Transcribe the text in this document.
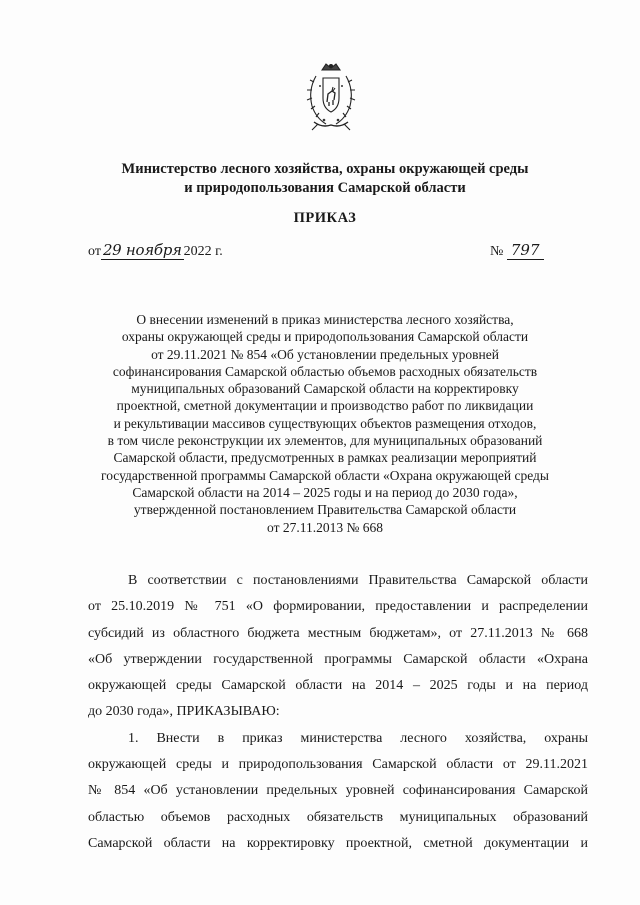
Министерство лесного хозяйства, охраны окружающей среды
и природопользования Самарской области
ПРИКАЗ
от 29 ноября 2022 г.	№ 797
О внесении изменений в приказ министерства лесного хозяйства,
охраны окружающей среды и природопользования Самарской области
от 29.11.2021 № 854 «Об установлении предельных уровней
софинансирования Самарской областью объемов расходных обязательств
муниципальных образований Самарской области на корректировку
проектной, сметной документации и производство работ по ликвидации
и рекультивации массивов существующих объектов размещения отходов,
в том числе реконструкции их элементов, для муниципальных образований
Самарской области, предусмотренных в рамках реализации мероприятий
государственной программы Самарской области «Охрана окружающей среды
Самарской области на 2014 – 2025 годы и на период до 2030 года»,
утвержденной постановлением Правительства Самарской области
от 27.11.2013 № 668
В соответствии с постановлениями Правительства Самарской области
от 25.10.2019 № 751 «О формировании, предоставлении и распределении
субсидий из областного бюджета местным бюджетам», от 27.11.2013 № 668
«Об утверждении государственной программы Самарской области «Охрана
окружающей среды Самарской области на 2014 – 2025 годы и на период
до 2030 года», ПРИКАЗЫВАЮ:
1. Внести в приказ министерства лесного хозяйства, охраны
окружающей среды и природопользования Самарской области от 29.11.2021
№ 854 «Об установлении предельных уровней софинансирования Самарской
областью объемов расходных обязательств муниципальных образований
Самарской области на корректировку проектной, сметной документации и
